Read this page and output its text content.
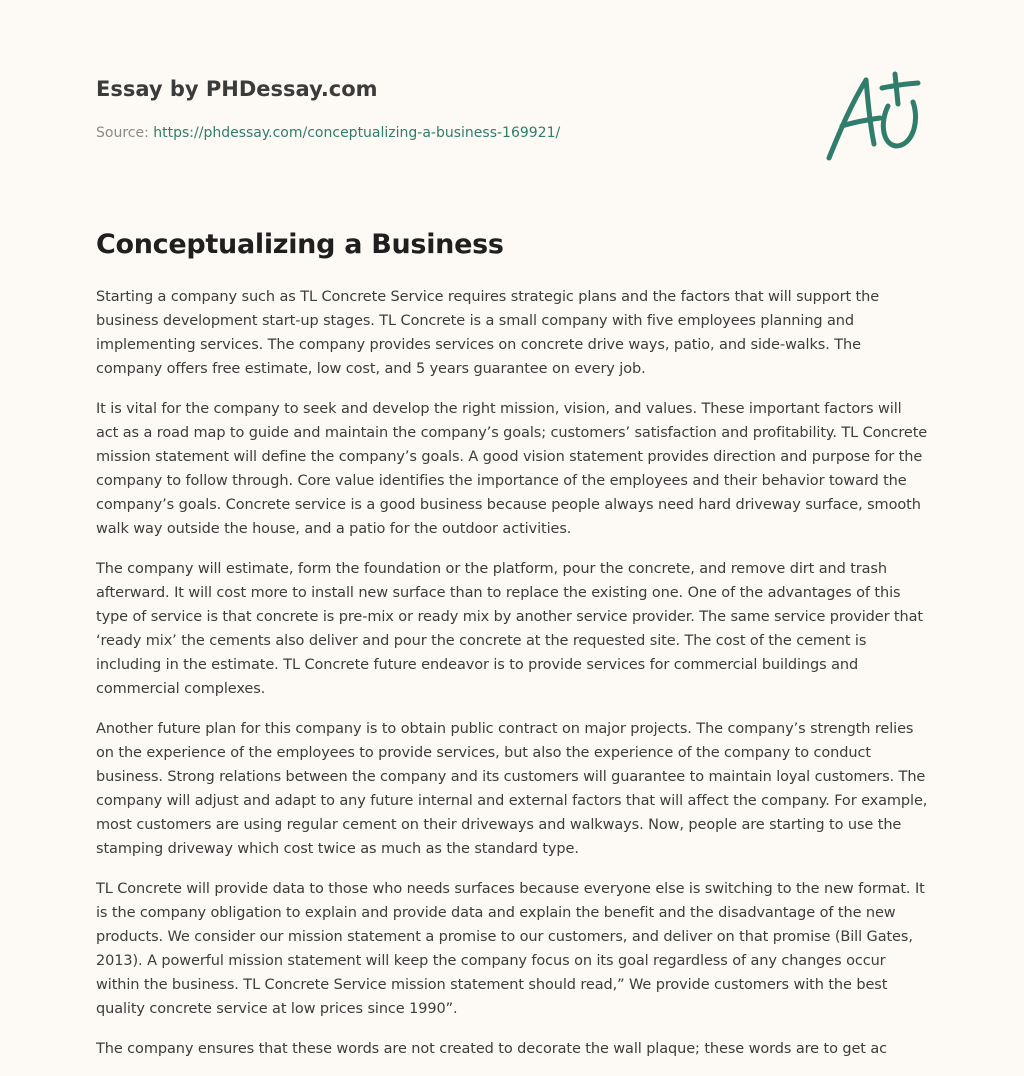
Essay by PHDessay.com
Source: https://phdessay.com/conceptualizing-a-business-169921/
Conceptualizing a Business

Starting a company such as TL Concrete Service requires strategic plans and the factors that will support the business development start-up stages. TL Concrete is a small company with five employees planning and implementing services. The company provides services on concrete drive ways, patio, and side-walks. The company offers free estimate, low cost, and 5 years guarantee on every job.

It is vital for the company to seek and develop the right mission, vision, and values. These important factors will act as a road map to guide and maintain the company’s goals; customers’ satisfaction and profitability. TL Concrete mission statement will define the company’s goals. A good vision statement provides direction and purpose for the company to follow through. Core value identifies the importance of the employees and their behavior toward the company’s goals. Concrete service is a good business because people always need hard driveway surface, smooth walk way outside the house, and a patio for the outdoor activities.

The company will estimate, form the foundation or the platform, pour the concrete, and remove dirt and trash afterward. It will cost more to install new surface than to replace the existing one. One of the advantages of this type of service is that concrete is pre-mix or ready mix by another service provider. The same service provider that ‘ready mix’ the cements also deliver and pour the concrete at the requested site. The cost of the cement is including in the estimate. TL Concrete future endeavor is to provide services for commercial buildings and commercial complexes.

Another future plan for this company is to obtain public contract on major projects. The company’s strength relies on the experience of the employees to provide services, but also the experience of the company to conduct business. Strong relations between the company and its customers will guarantee to maintain loyal customers. The company will adjust and adapt to any future internal and external factors that will affect the company. For example, most customers are using regular cement on their driveways and walkways. Now, people are starting to use the stamping driveway which cost twice as much as the standard type.

TL Concrete will provide data to those who needs surfaces because everyone else is switching to the new format. It is the company obligation to explain and provide data and explain the benefit and the disadvantage of the new products. We consider our mission statement a promise to our customers, and deliver on that promise (Bill Gates, 2013). A powerful mission statement will keep the company focus on its goal regardless of any changes occur within the business. TL Concrete Service mission statement should read,” We provide customers with the best quality concrete service at low prices since 1990”.

The company ensures that these words are not created to decorate the wall plaque; these words are to get ac
